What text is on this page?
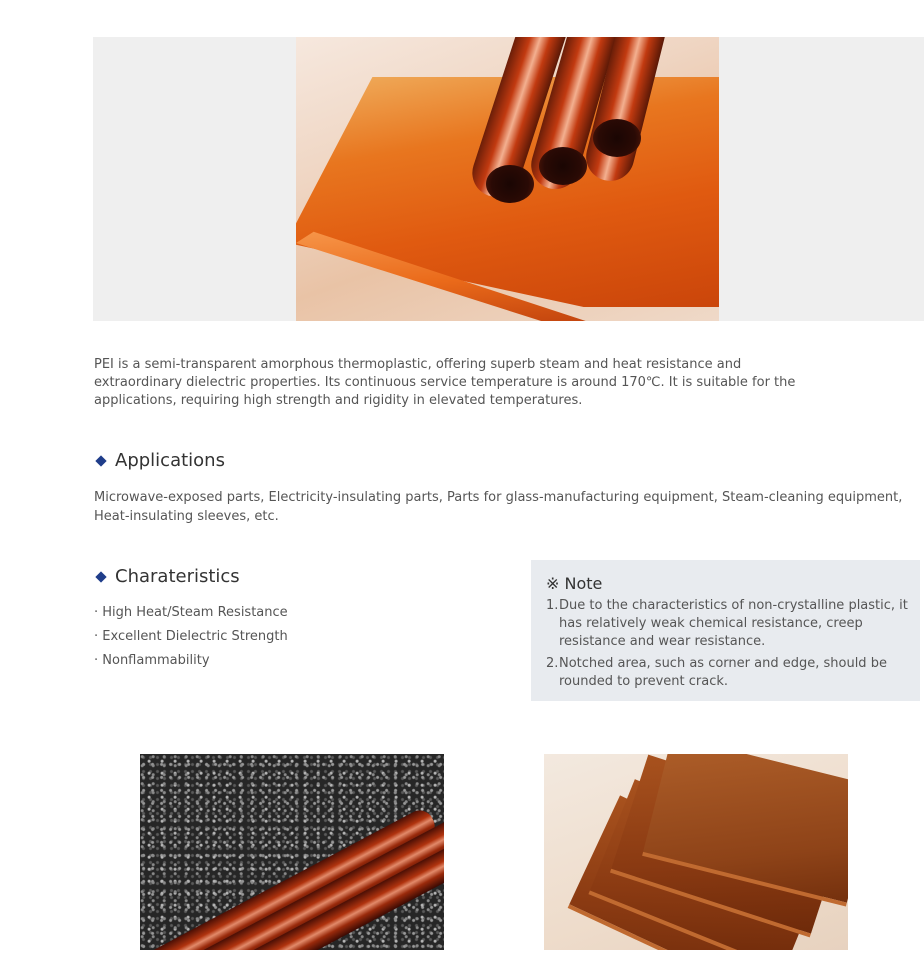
PEI is a semi-transparent amorphous thermoplastic, offering superb steam and heat resistance and extraordinary dielectric properties. Its continuous service temperature is around 170℃. It is suitable for the applications, requiring high strength and rigidity in elevated temperatures.
Applications
Microwave-exposed parts, Electricity-insulating parts, Parts for glass-manufacturing equipment, Steam-cleaning equipment, Heat-insulating sleeves, etc.
Charateristics
· High Heat/Steam Resistance
· Excellent Dielectric Strength
· Nonflammability
※ Note
1. Due to the characteristics of non-crystalline plastic, it has relatively weak chemical resistance, creep resistance and wear resistance.
2. Notched area, such as corner and edge, should be rounded to prevent crack.
